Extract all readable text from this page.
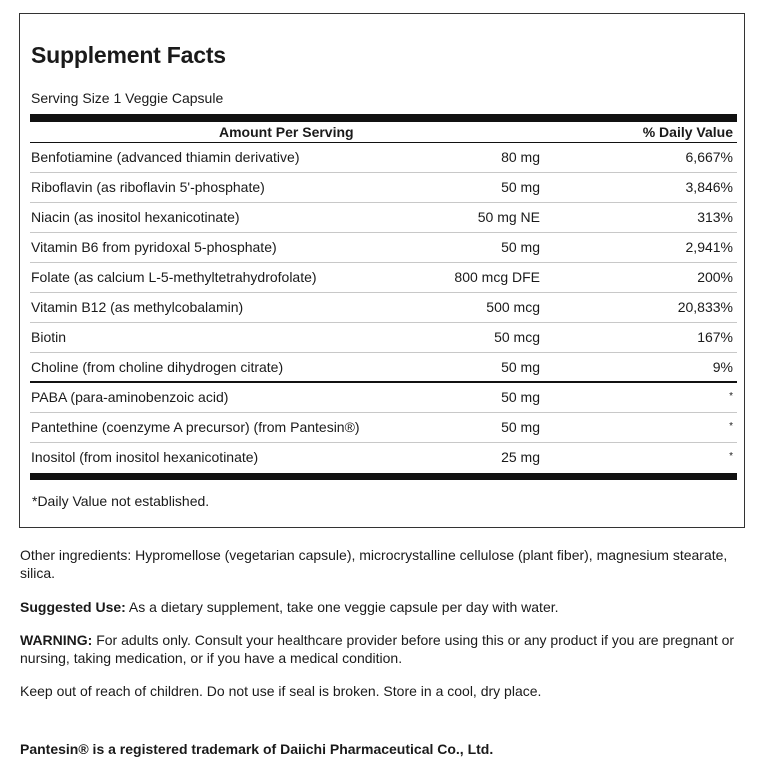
Supplement Facts
Serving Size 1 Veggie Capsule
Amount Per Serving	% Daily Value
Benfotiamine (advanced thiamin derivative)	80 mg	6,667%
Riboflavin (as riboflavin 5'-phosphate)	50 mg	3,846%
Niacin (as inositol hexanicotinate)	50 mg NE	313%
Vitamin B6 from pyridoxal 5-phosphate)	50 mg	2,941%
Folate (as calcium L-5-methyltetrahydrofolate)	800 mcg DFE	200%
Vitamin B12 (as methylcobalamin)	500 mcg	20,833%
Biotin	50 mcg	167%
Choline (from choline dihydrogen citrate)	50 mg	9%
PABA (para-aminobenzoic acid)	50 mg	*
Pantethine (coenzyme A precursor) (from Pantesin®)	50 mg	*
Inositol (from inositol hexanicotinate)	25 mg	*
*Daily Value not established.
Other ingredients: Hypromellose (vegetarian capsule), microcrystalline cellulose (plant fiber), magnesium stearate, silica.
Suggested Use: As a dietary supplement, take one veggie capsule per day with water.
WARNING: For adults only. Consult your healthcare provider before using this or any product if you are pregnant or nursing, taking medication, or if you have a medical condition.
Keep out of reach of children. Do not use if seal is broken. Store in a cool, dry place.
Pantesin® is a registered trademark of Daiichi Pharmaceutical Co., Ltd.
